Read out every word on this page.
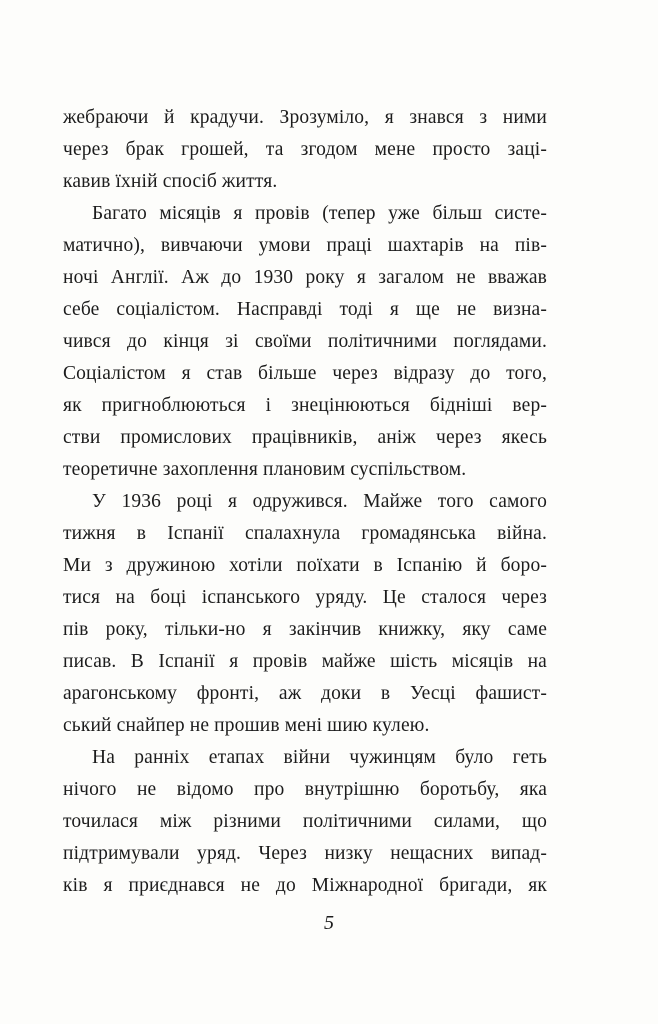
жебраючи й крадучи. Зрозуміло, я знався з ними
через брак грошей, та згодом мене просто заці-
кавив їхній спосіб життя.
Багато місяців я провів (тепер уже більш систе-
матично), вивчаючи умови праці шахтарів на пів-
ночі Англії. Аж до 1930 року я загалом не вважав
себе соціалістом. Насправді тодi я ще не визна-
чився до кінця зі своїми політичними поглядами.
Соціалістом я став більше через відразу до того,
як пригноблюються і знецінюються бідніші вер-
стви промислових працівників, аніж через якесь
теоретичне захоплення плановим суспільством.
У 1936 році я одружився. Майже того самого
тижня в Іспанії спалахнула громадянська війна.
Ми з дружиною хотіли поїхати в Іспанію й боро-
тися на боці іспанського уряду. Це сталося через
пів року, тільки-но я закінчив книжку, яку саме
писав. В Іспанії я провів майже шість місяців на
арагонському фронті, аж доки в Уесці фашист-
ський снайпер не прошив мені шию кулею.
На ранніх етапах війни чужинцям було геть
нічого не відомо про внутрішню боротьбу, яка
точилася між різними політичними силами, що
підтримували уряд. Через низку нещасних випад-
ків я приєднався не до Міжнародної бригади, як
5
